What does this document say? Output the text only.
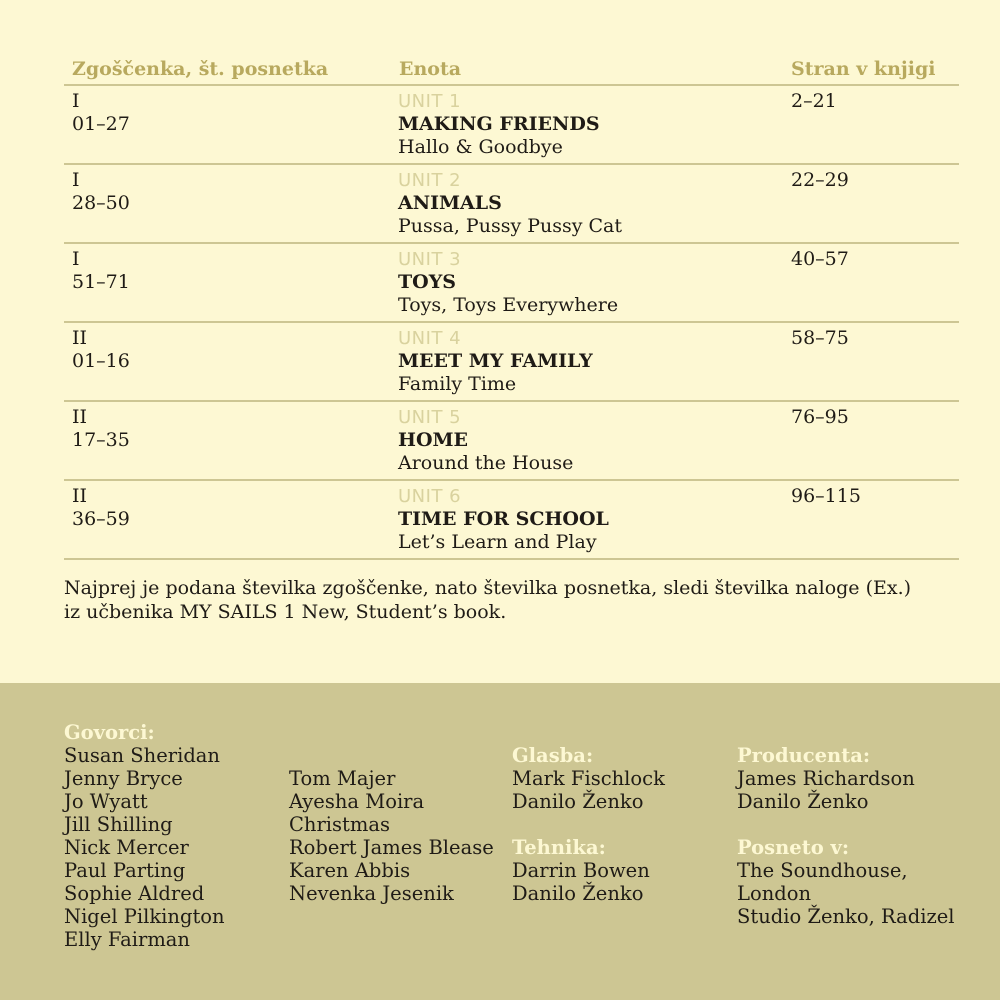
Zgoščenka, št. posnetka	Enota	Stran v knjigi
I
01–27
UNIT 1
MAKING FRIENDS
Hallo & Goodbye
2–21
I
28–50
UNIT 2
ANIMALS
Pussa, Pussy Pussy Cat
22–29
I
51–71
UNIT 3
TOYS
Toys, Toys Everywhere
40–57
II
01–16
UNIT 4
MEET MY FAMILY
Family Time
58–75
II
17–35
UNIT 5
HOME
Around the House
76–95
II
36–59
UNIT 6
TIME FOR SCHOOL
Let’s Learn and Play
96–115
Najprej je podana številka zgoščenke, nato številka posnetka, sledi številka naloge (Ex.)
iz učbenika MY SAILS 1 New, Student’s book.
Govorci:
Susan Sheridan
Jenny Bryce
Jo Wyatt
Jill Shilling
Nick Mercer
Paul Parting
Sophie Aldred
Nigel Pilkington
Elly Fairman
Tom Majer
Ayesha Moira
Christmas
Robert James Blease
Karen Abbis
Nevenka Jesenik
Glasba:
Mark Fischlock
Danilo Ženko
Tehnika:
Darrin Bowen
Danilo Ženko
Producenta:
James Richardson
Danilo Ženko
Posneto v:
The Soundhouse,
London
Studio Ženko, Radizel
